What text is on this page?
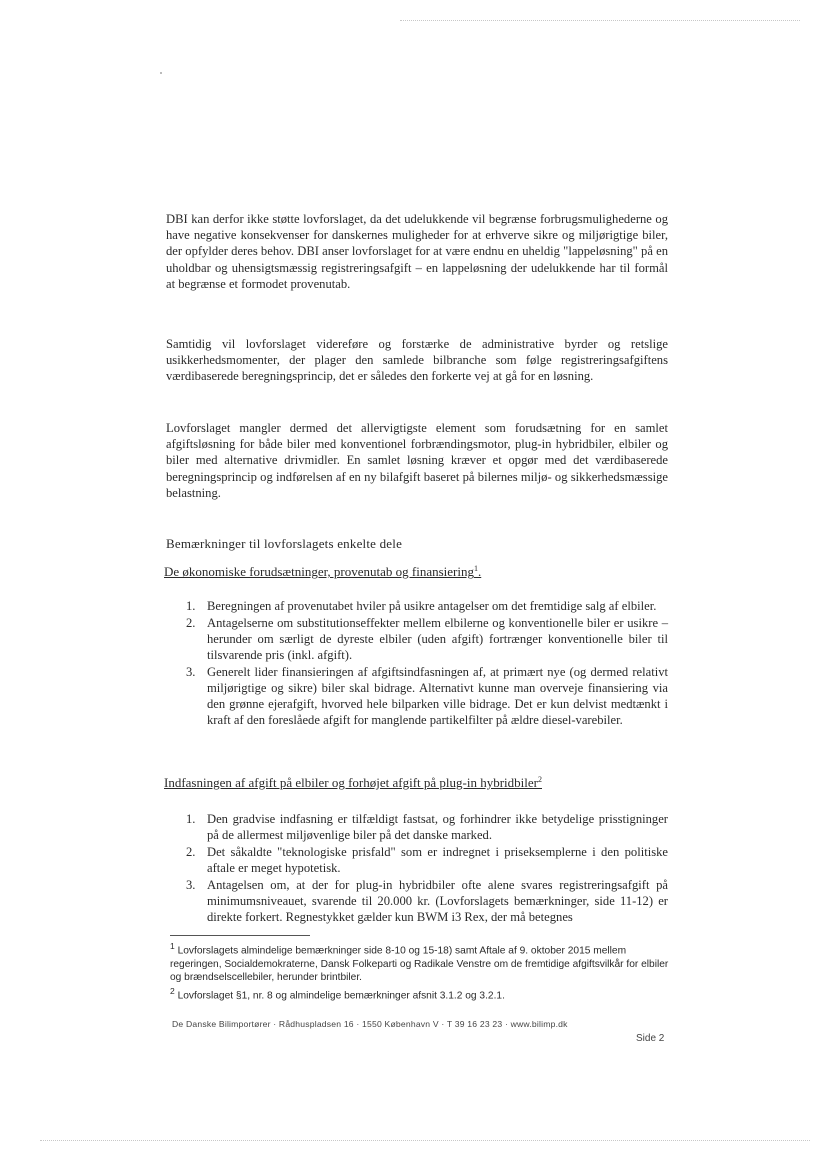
DBI kan derfor ikke støtte lovforslaget, da det udelukkende vil begrænse forbrugsmulighederne og have negative konsekvenser for danskernes muligheder for at erhverve sikre og miljørigtige biler, der opfylder deres behov. DBI anser lovforslaget for at være endnu en uheldig "lappeløsning" på en uholdbar og uhensigtsmæssig registreringsafgift – en lappeløsning der udelukkende har til formål at begrænse et formodet provenutab.

Samtidig vil lovforslaget videreføre og forstærke de administrative byrder og retslige usikkerhedsmomenter, der plager den samlede bilbranche som følge registreringsafgiftens værdibaserede beregningsprincip, det er således den forkerte vej at gå for en løsning.

Lovforslaget mangler dermed det allervigtigste element som forudsætning for en samlet afgiftsløsning for både biler med konventionel forbrændingsmotor, plug-in hybridbiler, elbiler og biler med alternative drivmidler. En samlet løsning kræver et opgør med det værdibaserede beregningsprincip og indførelsen af en ny bilafgift baseret på bilernes miljø- og sikkerhedsmæssige belastning.

Bemærkninger til lovforslagets enkelte dele

De økonomiske forudsætninger, provenutab og finansiering$^1$.

1. Beregningen af provenutabet hviler på usikre antagelser om det fremtidige salg af elbiler.
2. Antagelserne om substitutionseffekter mellem elbilerne og konventionelle biler er usikre – herunder om særligt de dyreste elbiler (uden afgift) fortrænger konventionelle biler til tilsvarende pris (inkl. afgift).
3. Generelt lider finansieringen af afgiftsindfasningen af, at primært nye (og dermed relativt miljørigtige og sikre) biler skal bidrage. Alternativt kunne man overveje finansiering via den grønne ejerafgift, hvorved hele bilparken ville bidrage. Det er kun delvist medtænkt i kraft af den foreslåede afgift for manglende partikelfilter på ældre diesel-varebiler.

Indfasningen af afgift på elbiler og forhøjet afgift på plug-in hybridbiler$^2$

1. Den gradvise indfasning er tilfældigt fastsat, og forhindrer ikke betydelige prisstigninger på de allermest miljøvenlige biler på det danske marked.
2. Det såkaldte "teknologiske prisfald" som er indregnet i priseksemplerne i den politiske aftale er meget hypotetisk.
3. Antagelsen om, at der for plug-in hybridbiler ofte alene svares registreringsafgift på minimumsniveauet, svarende til 20.000 kr. (Lovforslagets bemærkninger, side 11-12) er direkte forkert. Regnestykket gælder kun BWM i3 Rex, der må betegnes

$^1$ Lovforslagets almindelige bemærkninger side 8-10 og 15-18) samt Aftale af 9. oktober 2015 mellem regeringen, Socialdemokraterne, Dansk Folkeparti og Radikale Venstre om de fremtidige afgiftsvilkår for elbiler og brændselscellebiler, herunder brintbiler.

$^2$ Lovforslaget §1, nr. 8 og almindelige bemærkninger afsnit 3.1.2 og 3.2.1.

De Danske Bilimportører · Rådhuspladsen 16 · 1550 København V · T 39 16 23 23 · www.bilimp.dk
Side 2
